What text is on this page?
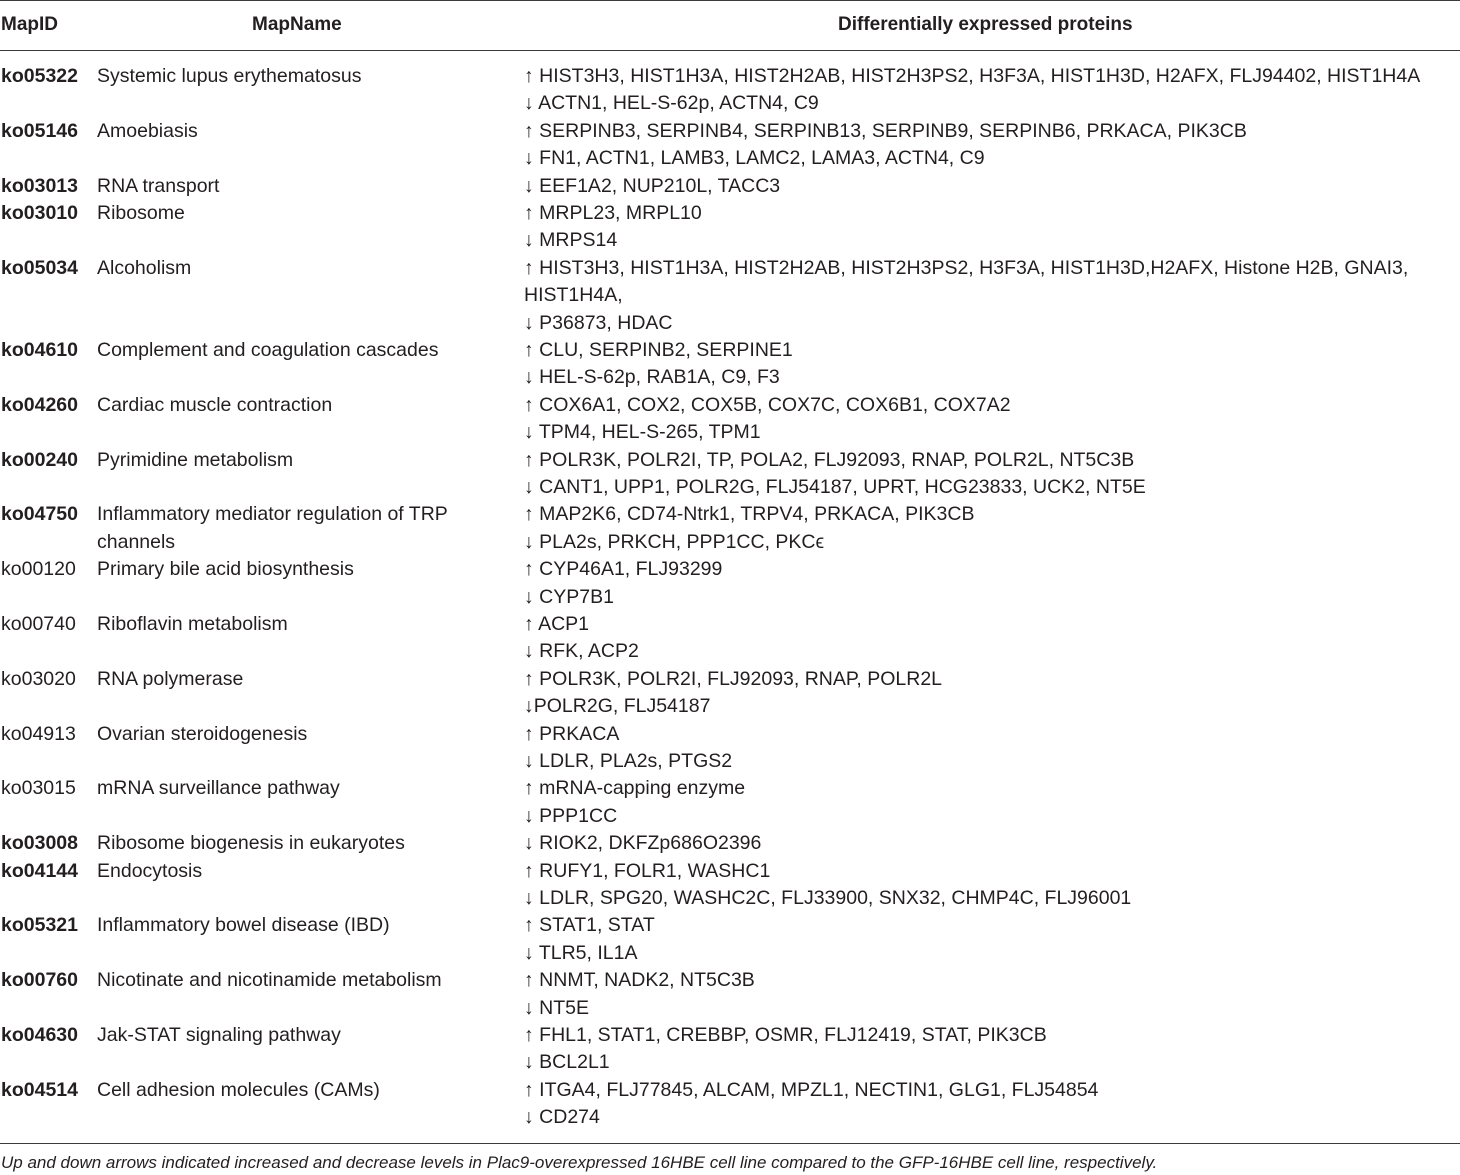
MapID	MapName	Differentially expressed proteins
ko05322 Systemic lupus erythematosus	↑ HIST3H3, HIST1H3A, HIST2H2AB, HIST2H3PS2, H3F3A, HIST1H3D, H2AFX, FLJ94402, HIST1H4A
↓ ACTN1, HEL-S-62p, ACTN4, C9
ko05146 Amoebiasis	↑ SERPINB3, SERPINB4, SERPINB13, SERPINB9, SERPINB6, PRKACA, PIK3CB
↓ FN1, ACTN1, LAMB3, LAMC2, LAMA3, ACTN4, C9
ko03013 RNA transport	↓ EEF1A2, NUP210L, TACC3
ko03010 Ribosome	↑ MRPL23, MRPL10
↓ MRPS14
ko05034 Alcoholism	↑ HIST3H3, HIST1H3A, HIST2H2AB, HIST2H3PS2, H3F3A, HIST1H3D,H2AFX, Histone H2B, GNAI3,
HIST1H4A,
↓ P36873, HDAC
ko04610 Complement and coagulation cascades	↑ CLU, SERPINB2, SERPINE1
↓ HEL-S-62p, RAB1A, C9, F3
ko04260 Cardiac muscle contraction	↑ COX6A1, COX2, COX5B, COX7C, COX6B1, COX7A2
↓ TPM4, HEL-S-265, TPM1
ko00240 Pyrimidine metabolism	↑ POLR3K, POLR2I, TP, POLA2, FLJ92093, RNAP, POLR2L, NT5C3B
↓ CANT1, UPP1, POLR2G, FLJ54187, UPRT, HCG23833, UCK2, NT5E
ko04750 Inflammatory mediator regulation of TRP channels
↑ MAP2K6, CD74-Ntrk1, TRPV4, PRKACA, PIK3CB
↓ PLA2s, PRKCH, PPP1CC, PKCϵ
ko00120	Primary bile acid biosynthesis	↑ CYP46A1, FLJ93299
↓ CYP7B1
ko00740	Riboflavin metabolism	↑ ACP1
↓ RFK, ACP2
ko03020	RNA polymerase	↑ POLR3K, POLR2I, FLJ92093, RNAP, POLR2L
↓POLR2G, FLJ54187
ko04913	Ovarian steroidogenesis	↑ PRKACA
↓ LDLR, PLA2s, PTGS2
ko03015	mRNA surveillance pathway	↑ mRNA-capping enzyme
↓ PPP1CC
ko03008 Ribosome biogenesis in eukaryotes	↓ RIOK2, DKFZp686O2396
ko04144 Endocytosis	↑ RUFY1, FOLR1, WASHC1
↓ LDLR, SPG20, WASHC2C, FLJ33900, SNX32, CHMP4C, FLJ96001
ko05321 Inflammatory bowel disease (IBD)	↑ STAT1, STAT
↓ TLR5, IL1A
ko00760 Nicotinate and nicotinamide metabolism	↑ NNMT, NADK2, NT5C3B
↓ NT5E
ko04630 Jak-STAT signaling pathway	↑ FHL1, STAT1, CREBBP, OSMR, FLJ12419, STAT, PIK3CB
↓ BCL2L1
ko04514 Cell adhesion molecules (CAMs)	↑ ITGA4, FLJ77845, ALCAM, MPZL1, NECTIN1, GLG1, FLJ54854
↓ CD274
Up and down arrows indicated increased and decrease levels in Plac9-overexpressed 16HBE cell line compared to the GFP-16HBE cell line, respectively.
